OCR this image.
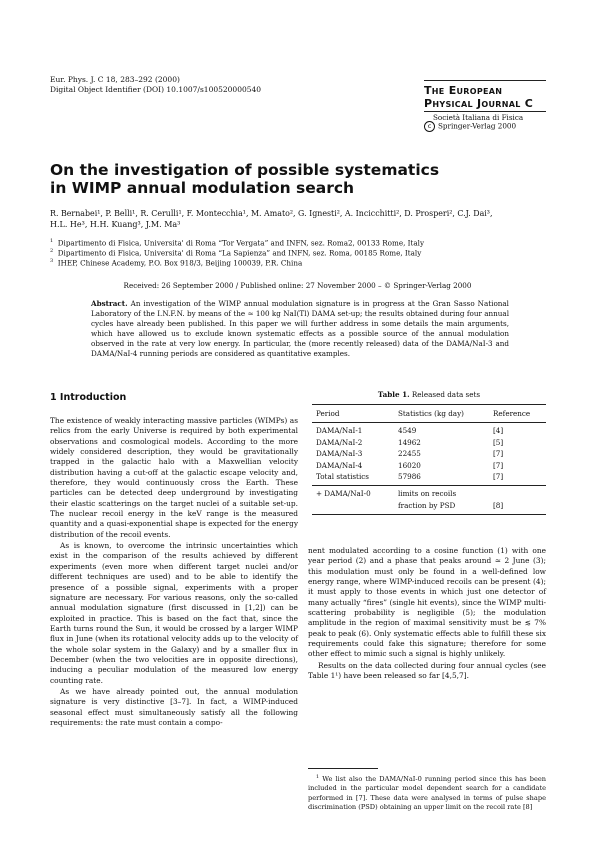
Eur. Phys. J. C 18, 283–292 (2000)
Digital Object Identifier (DOI) 10.1007/s100520000540	The European
Physical Journal C
Società Italiana di Fisica
c Springer-Verlag 2000
On the investigation of possible systematics
in WIMP annual modulation search
R. Bernabei¹, P. Belli¹, R. Cerulli¹, F. Montecchia¹, M. Amato², G. Ignesti², A. Incicchitti², D. Prosperi², C.J. Dai³,
H.L. He³, H.H. Kuang³, J.M. Ma³
$^1$ Dipartimento di Fisica, Universita' di Roma “Tor Vergata” and INFN, sez. Roma2, 00133 Rome, Italy
$^2$ Dipartimento di Fisica, Universita' di Roma “La Sapienza” and INFN, sez. Roma, 00185 Rome, Italy
$^3$ IHEP, Chinese Academy, P.O. Box 918/3, Beijing 100039, P.R. China
Received: 26 September 2000 / Published online: 27 November 2000 – © Springer-Verlag 2000
Abstract. An investigation of the WIMP annual modulation signature is in progress at the Gran Sasso National Laboratory of the I.N.F.N. by means of the ≃ 100 kg NaI(Tl) DAMA set-up; the results obtained during four annual cycles have already been published. In this paper we will further address in some details the main arguments, which have allowed us to exclude known systematic effects as a possible source of the annual modulation observed in the rate at very low energy. In particular, the (more recently released) data of the DAMA/NaI-3 and DAMA/NaI-4 running periods are considered as quantitative examples.
1 Introduction

The existence of weakly interacting massive particles (WIMPs) as relics from the early Universe is required by both experimental observations and cosmological models. According to the more widely considered description, they would be gravitationally trapped in the galactic halo with a Maxwellian velocity distribution having a cut-off at the galactic escape velocity and, therefore, they would continuously cross the Earth. These particles can be detected deep underground by investigating their elastic scatterings on the target nuclei of a suitable set-up. The nuclear recoil energy in the keV range is the measured quantity and a quasi-exponential shape is expected for the energy distribution of the recoil events.

As is known, to overcome the intrinsic uncertainties which exist in the comparison of the results achieved by different experiments (even more when different target nuclei and/or different techniques are used) and to be able to identify the presence of a possible signal, experiments with a proper signature are necessary. For various reasons, only the so-called annual modulation signature (first discussed in [1,2]) can be exploited in practice. This is based on the fact that, since the Earth turns round the Sun, it would be crossed by a larger WIMP flux in June (when its rotational velocity adds up to the velocity of the whole solar system in the Galaxy) and by a smaller flux in December (when the two velocities are in opposite directions), inducing a peculiar modulation of the measured low energy counting rate.

As we have already pointed out, the annual modulation signature is very distinctive [3–7]. In fact, a WIMP-induced seasonal effect must simultaneously satisfy all the following requirements: the rate must contain a compo-

Table 1. Released data sets
Period	Statistics (kg day)	Reference
DAMA/NaI-1	4549	[4]
DAMA/NaI-2	14962	[5]
DAMA/NaI-3	22455	[7]
DAMA/NaI-4	16020	[7]
Total statistics	57986	[7]
+ DAMA/NaI-0	limits on recoils	
	fraction by PSD	[8]

nent modulated according to a cosine function (1) with one year period (2) and a phase that peaks around ≃ 2 June (3); this modulation must only be found in a well-defined low energy range, where WIMP-induced recoils can be present (4); it must apply to those events in which just one detector of many actually “fires” (single hit events), since the WIMP multi-scattering probability is negligible (5); the modulation amplitude in the region of maximal sensitivity must be ≲ 7% peak to peak (6). Only systematic effects able to fulfill these six requirements could fake this signature; therefore for some other effect to mimic such a signal is highly unlikely.

Results on the data collected during four annual cycles (see Table 1¹) have been released so far [4,5,7].

$^1$ We list also the DAMA/NaI-0 running period since this has been included in the particular model dependent search for a candidate performed in [7]. These data were analysed in terms of pulse shape discrimination (PSD) obtaining an upper limit on the recoil rate [8]
